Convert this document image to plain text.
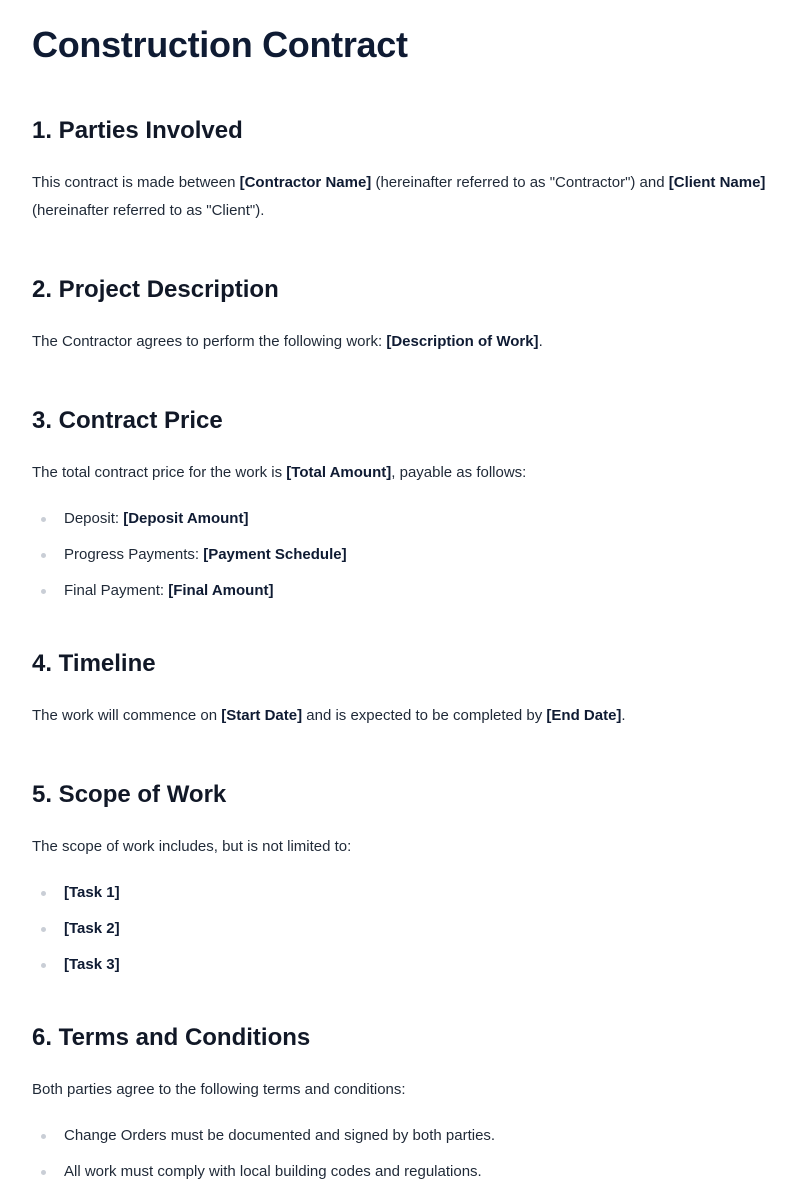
Construction Contract
1. Parties Involved

This contract is made between [Contractor Name] (hereinafter referred to as "Contractor") and [Client Name] (hereinafter referred to as "Client").

2. Project Description

The Contractor agrees to perform the following work: [Description of Work].

3. Contract Price

The total contract price for the work is [Total Amount], payable as follows:

Deposit: [Deposit Amount]
Progress Payments: [Payment Schedule]
Final Payment: [Final Amount]
4. Timeline

The work will commence on [Start Date] and is expected to be completed by [End Date].

5. Scope of Work

The scope of work includes, but is not limited to:

[Task 1]
[Task 2]
[Task 3]
6. Terms and Conditions

Both parties agree to the following terms and conditions:

Change Orders must be documented and signed by both parties.
All work must comply with local building codes and regulations.
